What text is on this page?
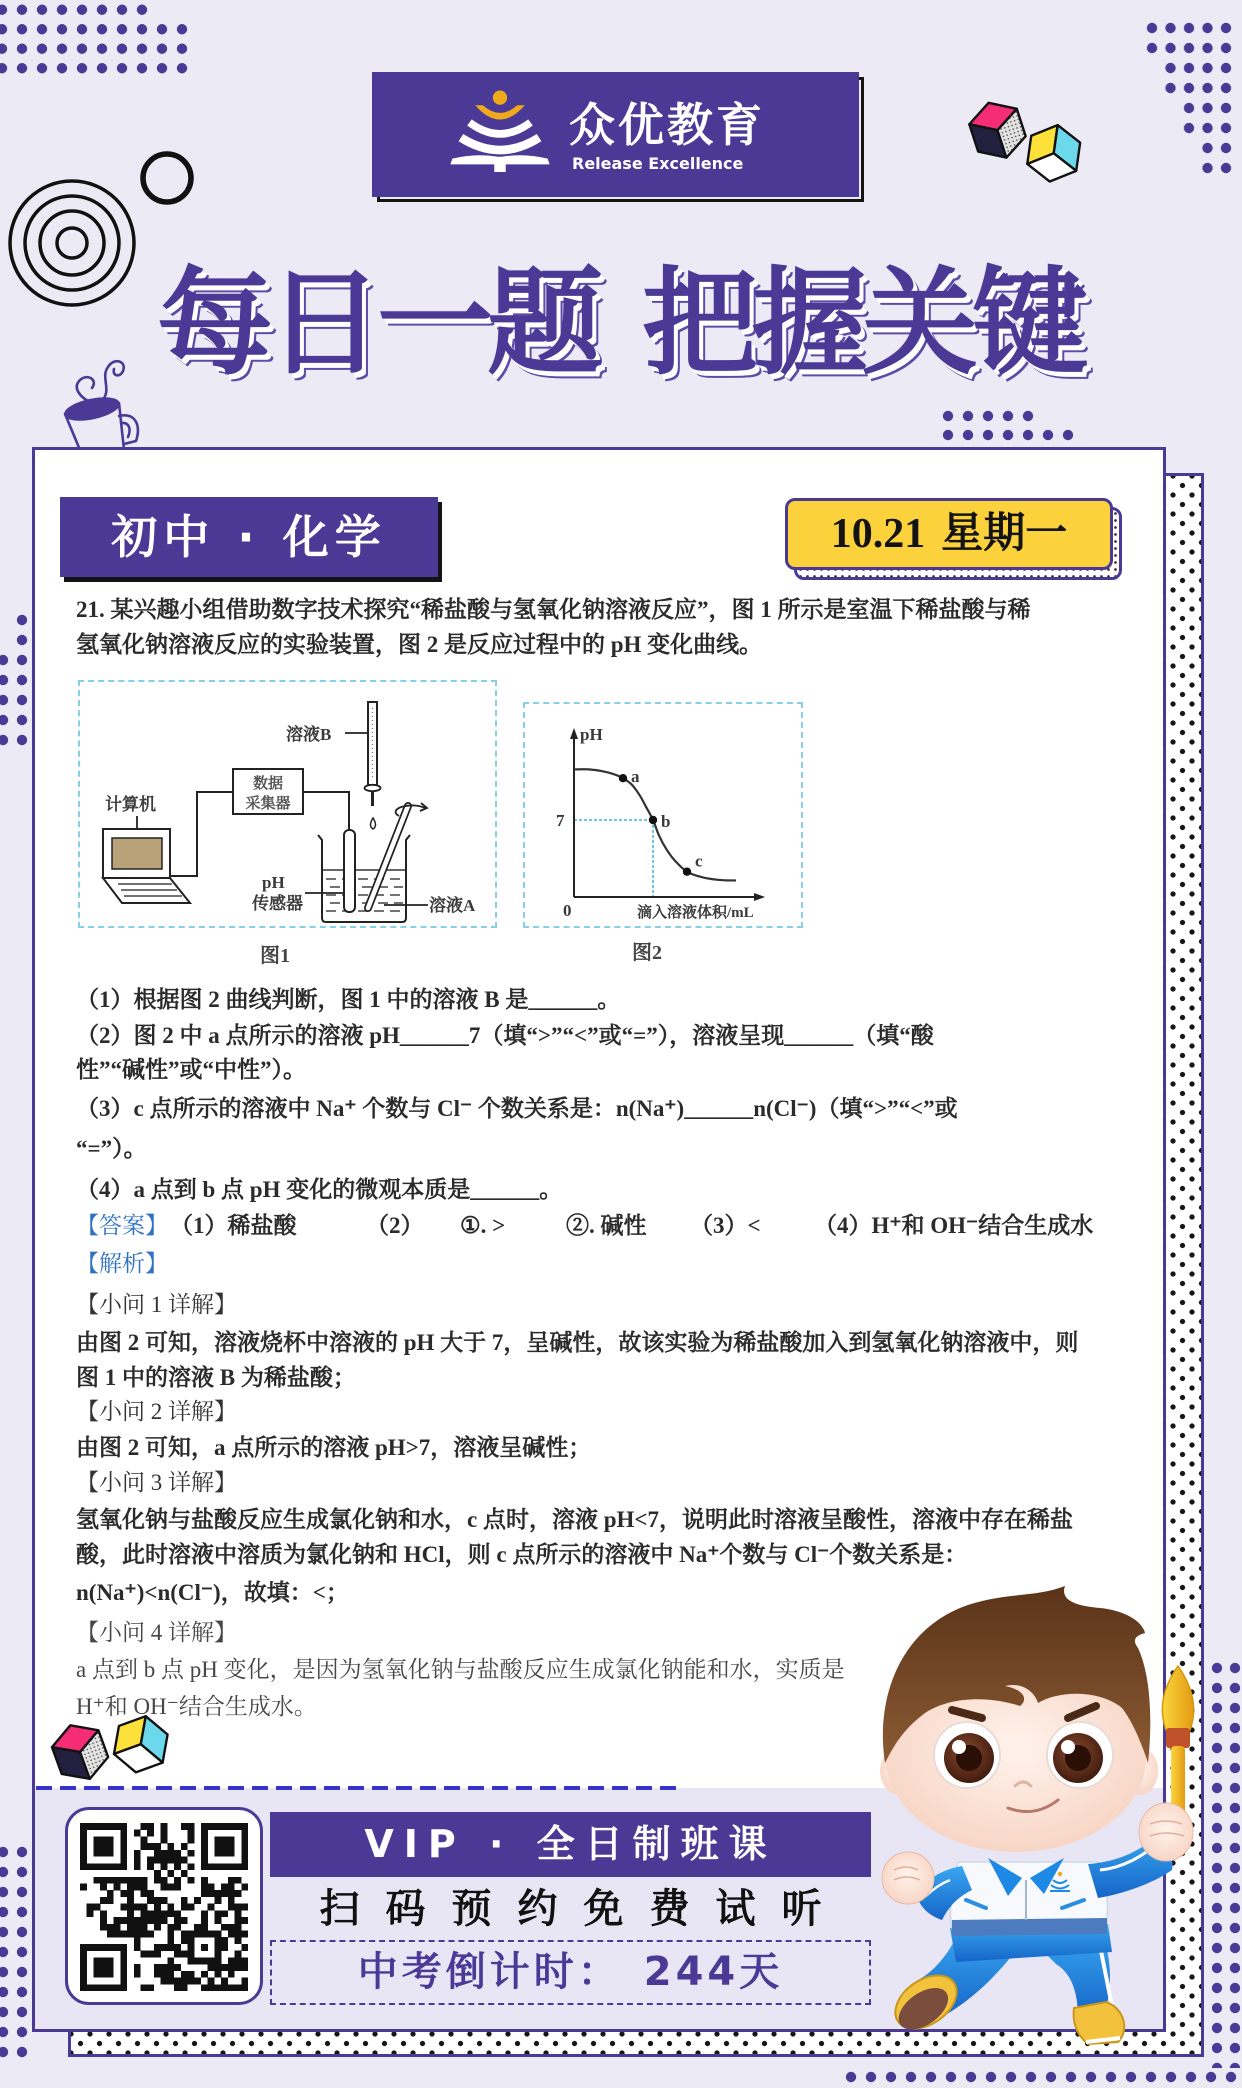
众优教育
Release Excellence
每日一题 把握关键
初中 · 化学	10.21 星期一
21. 某兴趣小组借助数字技术探究“稀盐酸与氢氧化钠溶液反应”，图 1 所示是室温下稀盐酸与稀
氢氧化钠溶液反应的实验装置，图 2 是反应过程中的 pH 变化曲线。
计算机
数据
采集器
溶液B
pH
传感器	溶液A
图1
a
b
c
pH
7
0	滴入溶液体积/mL
图2
（1）根据图 2 曲线判断，图 1 中的溶液 B 是______。
（2）图 2 中 a 点所示的溶液 pH______7（填“>”“<”或“=”），溶液呈现______（填“酸
性”“碱性”或“中性”）。
（3）c 点所示的溶液中 Na⁺ 个数与 Cl⁻ 个数关系是：n(Na⁺)______n(Cl⁻)（填“>”“<”或
“=”）。
（4）a 点到 b 点 pH 变化的微观本质是______。
【答案】 （1）稀盐酸	（2） ①. >	②. 碱性 （3）< （4）H⁺和 OH⁻结合生成水
【解析】
【小问 1 详解】
由图 2 可知，溶液烧杯中溶液的 pH 大于 7，呈碱性，故该实验为稀盐酸加入到氢氧化钠溶液中，则
图 1 中的溶液 B 为稀盐酸；
【小问 2 详解】
由图 2 可知，a 点所示的溶液 pH>7，溶液呈碱性；
【小问 3 详解】
氢氧化钠与盐酸反应生成氯化钠和水，c 点时，溶液 pH<7，说明此时溶液呈酸性，溶液中存在稀盐
酸，此时溶液中溶质为氯化钠和 HCl，则 c 点所示的溶液中 Na⁺个数与 Cl⁻个数关系是：
n(Na⁺)<n(Cl⁻)，故填：<；
【小问 4 详解】
a 点到 b 点 pH 变化，是因为氢氧化钠与盐酸反应生成氯化钠能和水，实质是
H⁺和 OH⁻结合生成水。
VIP · 全日制班课
扫码预约免费试听
中考倒计时： 244天
